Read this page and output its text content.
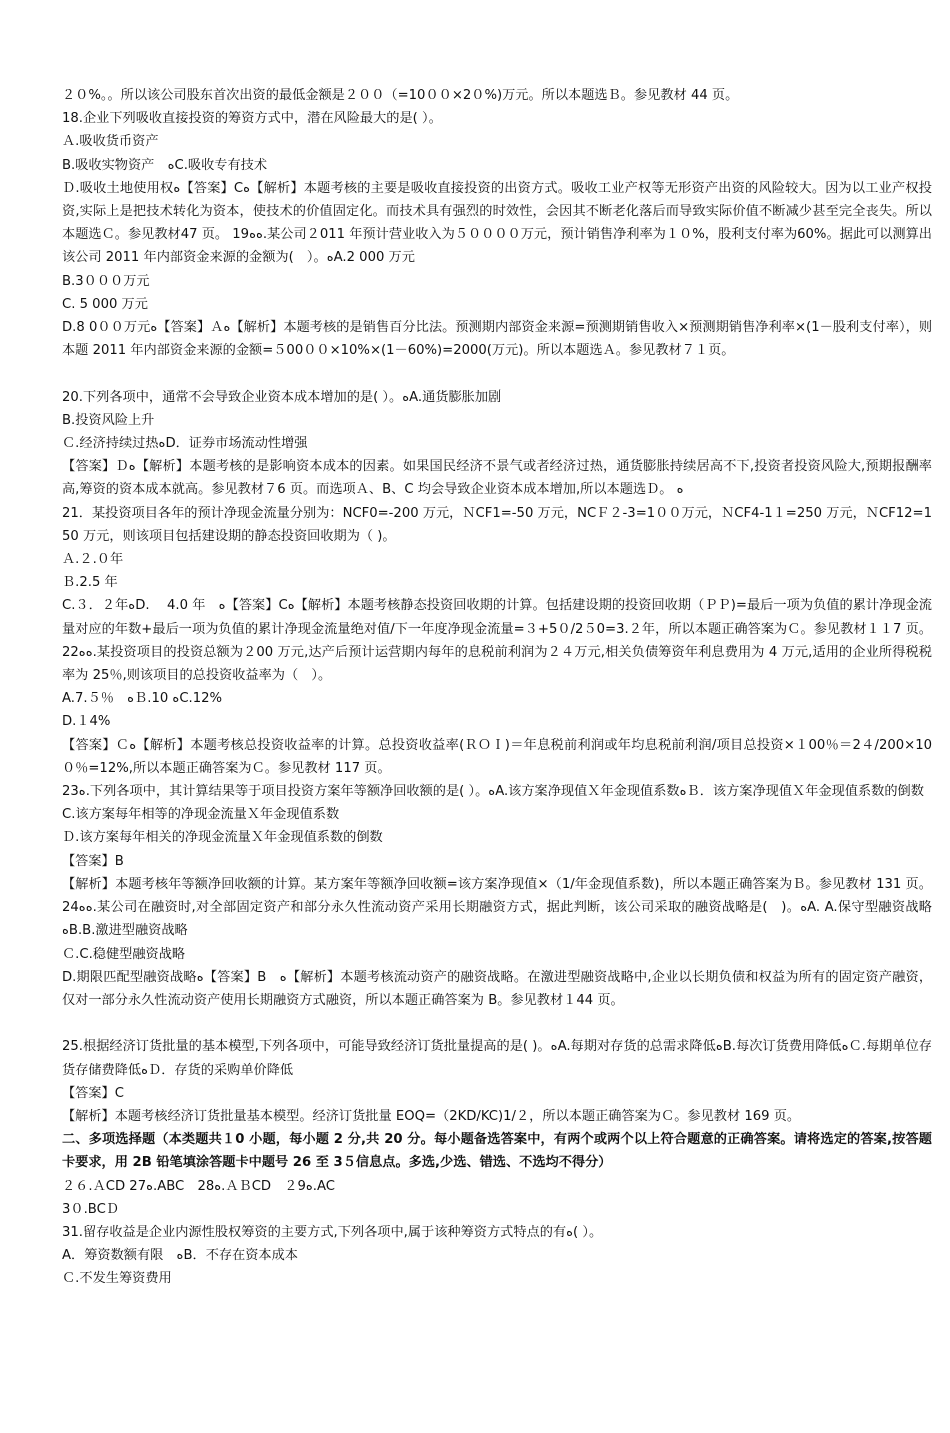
２０%。。所以该公司股东首次出资的最低金额是２００（=10００×2０%)万元。所以本题选Ｂ。参见教材 44 页。

18.企业下列吸收直接投资的筹资方式中，潜在风险最大的是( ）。

Ａ.吸收货币资产

B.吸收实物资产　ﻩC.吸收专有技术

Ｄ.吸收土地使用权ﻩ【答案】Cﻩ【解析】本题考核的主要是吸收直接投资的出资方式。吸收工业产权等无形资产出资的风险较大。因为以工业产权投资,实际上是把技术转化为资本，使技术的价值固定化。而技术具有强烈的时效性，会因其不断老化落后而导致实际价值不断减少甚至完全丧失。所以本题选Ｃ。参见教材47 页。 19ﻩﻩ.某公司２011 年预计营业收入为５００００万元，预计销售净利率为１０%，股利支付率为60%。据此可以测算出该公司 2011 年内部资金来源的金额为(　）。ﻩA.2 000 万元

B.3０００万元

C. 5 000 万元

D.8 0００万元ﻩ【答案】Ａﻩ【解析】本题考核的是销售百分比法。预测期内部资金来源=预测期销售收入×预测期销售净利率×(1－股利支付率），则本题 2011 年内部资金来源的金额=５00００×10%×(1－60%)=2000(万元)。所以本题选Ａ。参见教材７１页。

20.下列各项中，通常不会导致企业资本成本增加的是( ）。ﻩA.通货膨胀加剧

B.投资风险上升

Ｃ.经济持续过热ﻩD．证券市场流动性增强

【答案】Ｄﻩ【解析】本题考核的是影响资本成本的因素。如果国民经济不景气或者经济过热，通货膨胀持续居高不下,投资者投资风险大,预期报酬率高,筹资的资本成本就高。参见教材７6 页。而选项Ａ、B、C 均会导致企业资本成本增加,所以本题选Ｄ。 ﻩ

21．某投资项目各年的预计净现金流量分别为：NCF0=-200 万元，ＮCF1=-50 万元，NCＦ２-3=1００万元，ＮCF4-1１=250 万元，ＮCF12=150 万元，则该项目包括建设期的静态投资回收期为（ )。

Ａ.２.０年

Ｂ.2.5 年

C.３．２年ﻩD.　 4.0 年　ﻩ【答案】Cﻩ【解析】本题考核静态投资回收期的计算。包括建设期的投资回收期（ＰＰ)=最后一项为负值的累计净现金流量对应的年数+最后一项为负值的累计净现金流量绝对值/下一年度净现金流量=３+5０/2５0=3.２年，所以本题正确答案为Ｃ。参见教材１１7 页。 22ﻩﻩ.某投资项目的投资总额为２00 万元,达产后预计运营期内每年的息税前利润为２４万元,相关负债筹资年利息费用为 4 万元,适用的企业所得税税率为 25％,则该项目的总投资收益率为（　）。

A.7.５％　ﻩＢ.10 ﻩC.12%

D.１4%

【答案】Ｃﻩ【解析】本题考核总投资收益率的计算。总投资收益率(ＲＯＩ)＝年息税前利润或年均息税前利润/项目总投资×１00％＝2４/200×10０％=12%,所以本题正确答案为Ｃ。参见教材 117 页。

23ﻩ.下列各项中，其计算结果等于项目投资方案年等额净回收额的是( ）。ﻩA.该方案净现值Ｘ年金现值系数ﻩＢ．该方案净现值Ｘ年金现值系数的倒数

C.该方案每年相等的净现金流量Ｘ年金现值系数

Ｄ.该方案每年相关的净现金流量Ｘ年金现值系数的倒数

【答案】B

【解析】本题考核年等额净回收额的计算。某方案年等额净回收额=该方案净现值×（1/年金现值系数)，所以本题正确答案为Ｂ。参见教材 131 页。 24ﻩﻩ.某公司在融资时,对全部固定资产和部分永久性流动资产采用长期融资方式，据此判断，该公司采取的融资战略是(　)。ﻩA. A.保守型融资战略　ﻩB.B.激进型融资战略

Ｃ.C.稳健型融资战略

D.期限匹配型融资战略ﻩ【答案】B　ﻩ【解析】本题考核流动资产的融资战略。在激进型融资战略中,企业以长期负债和权益为所有的固定资产融资，仅对一部分永久性流动资产使用长期融资方式融资，所以本题正确答案为 B。参见教材１44 页。

25.根据经济订货批量的基本模型,下列各项中，可能导致经济订货批量提高的是( )。ﻩA.每期对存货的总需求降低ﻩB.每次订货费用降低ﻩＣ.每期单位存货存储费降低ﻩＤ．存货的采购单价降低

【答案】C

【解析】本题考核经济订货批量基本模型。经济订货批量 EOQ=（2KD/KC)1/２，所以本题正确答案为Ｃ。参见教材 169 页。

二、多项选择题（本类题共１0 小题，每小题 2 分,共 20 分。每小题备选答案中，有两个或两个以上符合题意的正确答案。请将选定的答案,按答题卡要求，用 2B 铅笔填涂答题卡中题号 26 至 3５信息点。多选,少选、错选、不选均不得分）

２６.ＡCD 27ﻩ.ABC　28ﻩ.ＡＢCD　２9ﻩ.AC

3０.BCＤ

31.留存收益是企业内源性股权筹资的主要方式,下列各项中,属于该种筹资方式特点的有ﻩ( ）。

A．筹资数额有限　ﻩB．不存在资本成本

Ｃ.不发生筹资费用
